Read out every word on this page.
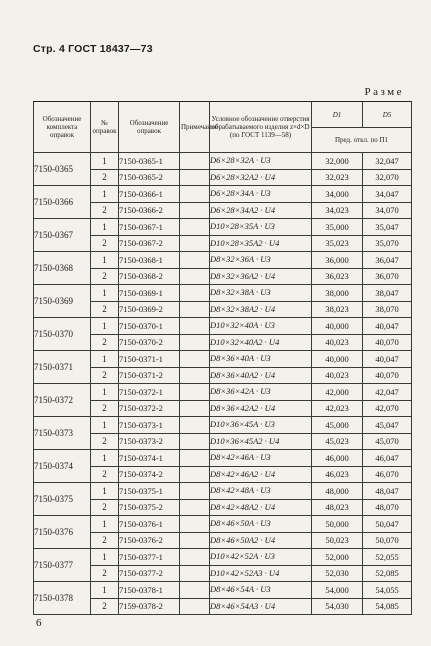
Стр. 4 ГОСТ 18437—73
Разме
Обозначение комплекта оправок	№ оправок	Обозначение оправок	Примечание	Условное обозначение отверстия обрабатываемого изделия z×d×D (по ГОСТ 1139—58)	D1	D5
					Пред. откл. по П1	
7150-0365	1	7150-0365-1		D6×28×32A · U3	32,000	32,047
	2	7150-0365-2		D6×28×32A2 · U4	32,023	32,070
7150-0366	1	7150-0366-1		D6×28×34A · U3	34,000	34,047
	2	7150-0366-2		D6×28×34A2 · U4	34,023	34,070
7150-0367	1	7150-0367-1		D10×28×35A · U3	35,000	35,047
	2	7150-0367-2		D10×28×35A2 · U4	35,023	35,070
7150-0368	1	7150-0368-1		D8×32×36A · U3	36,000	36,047
	2	7150-0368-2		D8×32×36A2 · U4	36,023	36,070
7150-0369	1	7150-0369-1		D8×32×38A · U3	38,000	38,047
	2	7150-0369-2		D8×32×38A2 · U4	38,023	38,070
7150-0370	1	7150-0370-1		D10×32×40A · U3	40,000	40,047
	2	7150-0370-2		D10×32×40A2 · U4	40,023	40,070
7150-0371	1	7150-0371-1		D8×36×40A · U3	40,000	40,047
	2	7150-0371-2		D8×36×40A2 · U4	40,023	40,070
7150-0372	1	7150-0372-1		D8×36×42A · U3	42,000	42,047
	2	7150-0372-2		D8×36×42A2 · U4	42,023	42,070
7150-0373	1	7150-0373-1		D10×36×45A · U3	45,000	45,047
	2	7150-0373-2		D10×36×45A2 · U4	45,023	45,070
7150-0374	1	7150-0374-1		D8×42×46A · U3	46,000	46,047
	2	7150-0374-2		D8×42×46A2 · U4	46,023	46,070
7150-0375	1	7150-0375-1		D8×42×48A · U3	48,000	48,047
	2	7150-0375-2		D8×42×48A2 · U4	48,023	48,070
7150-0376	1	7150-0376-1		D8×46×50A · U3	50,000	50,047
	2	7150-0376-2		D8×46×50A2 · U4	50,023	50,070
7150-0377	1	7150-0377-1		D10×42×52A · U3	52,000	52,055
	2	7150-0377-2		D10×42×52A3 · U4	52,030	52,085
7150-0378	1	7150-0378-1		D8×46×54A · U3	54,000	54,055
	2	7159-0378-2		D8×46×54A3 · U4	54,030	54,085
6
